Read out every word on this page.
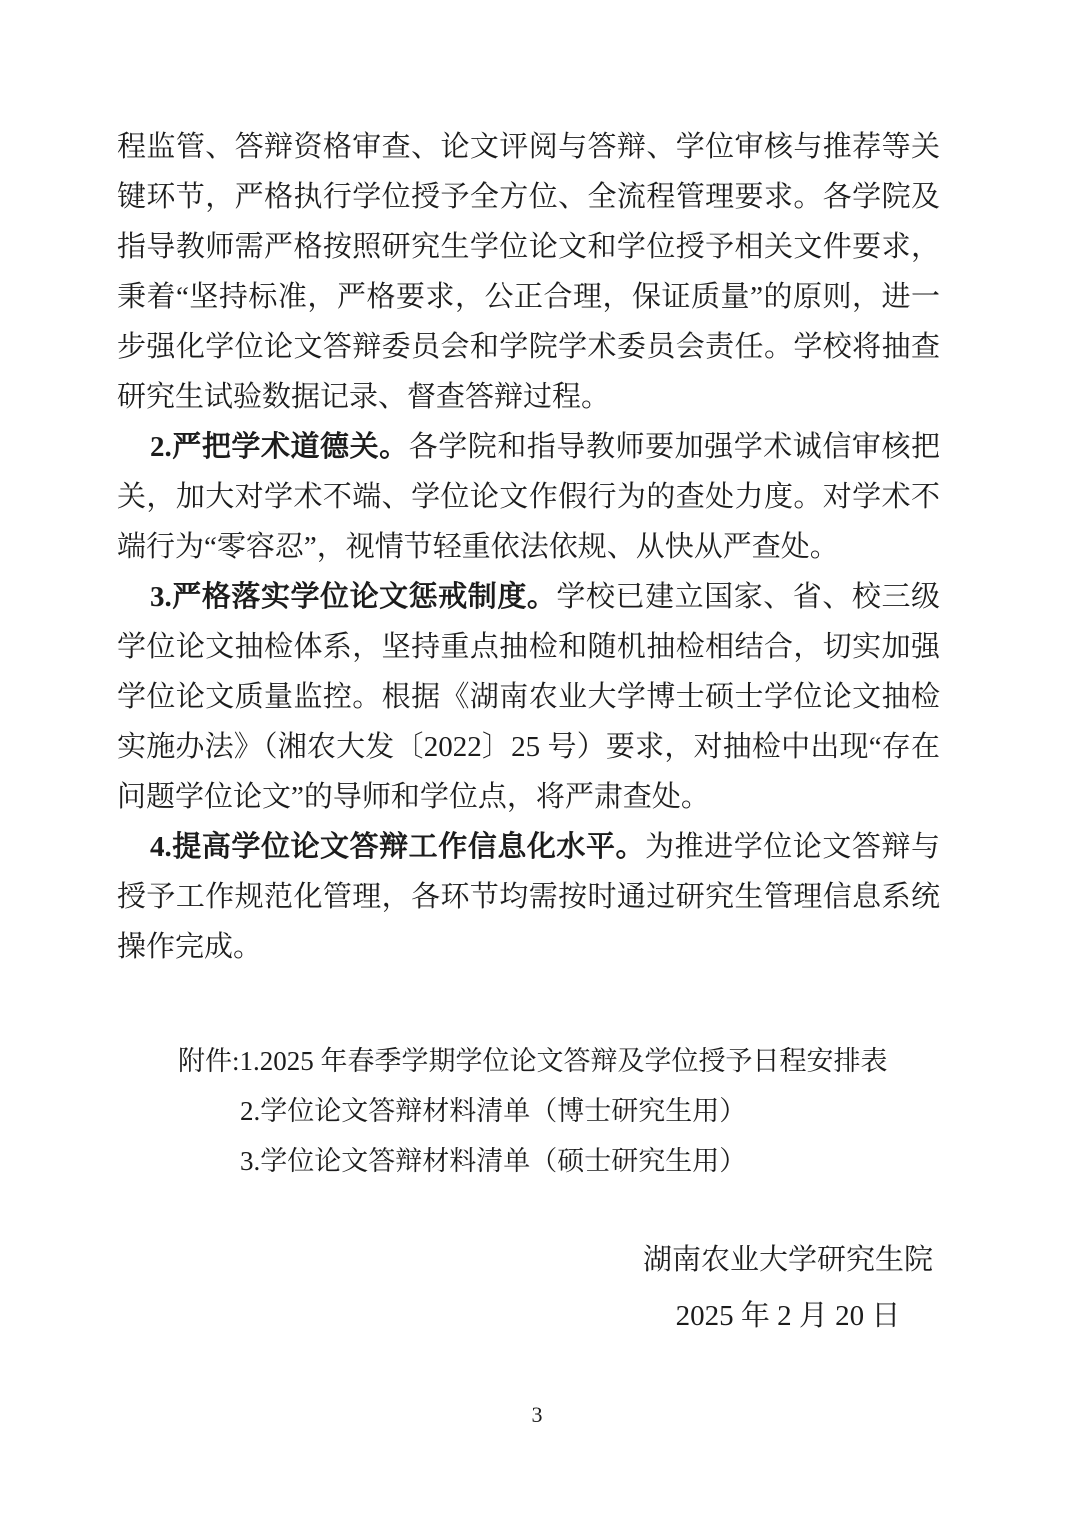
程监管、答辩资格审查、论文评阅与答辩、学位审核与推荐等关键环节，严格执行学位授予全方位、全流程管理要求。各学院及指导教师需严格按照研究生学位论文和学位授予相关文件要求，秉着“坚持标准，严格要求，公正合理，保证质量”的原则，进一步强化学位论文答辩委员会和学院学术委员会责任。学校将抽查研究生试验数据记录、督查答辩过程。

2.严把学术道德关。各学院和指导教师要加强学术诚信审核把关，加大对学术不端、学位论文作假行为的查处力度。对学术不端行为“零容忍”，视情节轻重依法依规、从快从严查处。

3.严格落实学位论文惩戒制度。学校已建立国家、省、校三级学位论文抽检体系，坚持重点抽检和随机抽检相结合，切实加强学位论文质量监控。根据《湖南农业大学博士硕士学位论文抽检实施办法》（湘农大发〔2022〕25 号）要求，对抽检中出现“存在问题学位论文”的导师和学位点，将严肃查处。

4.提高学位论文答辩工作信息化水平。为推进学位论文答辩与授予工作规范化管理，各环节均需按时通过研究生管理信息系统操作完成。

附件:1.2025 年春季学期学位论文答辩及学位授予日程安排表
2.学位论文答辩材料清单（博士研究生用）
3.学位论文答辩材料清单（硕士研究生用）
湖南农业大学研究生院
2025 年 2 月 20 日
3
